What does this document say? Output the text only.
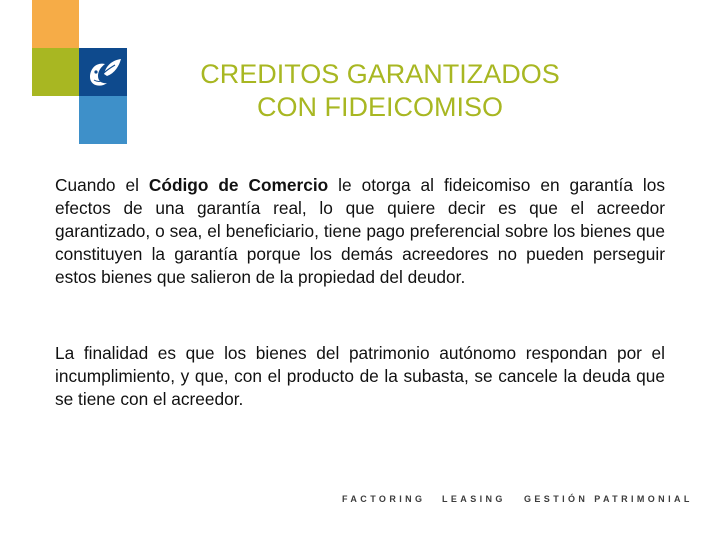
CREDITOS GARANTIZADOS
CON FIDEICOMISO
Cuando el Código de Comercio le otorga al fideicomiso en garantía los efectos de una garantía real, lo que quiere decir es que el acreedor garantizado, o sea, el beneficiario, tiene pago preferencial sobre los bienes que constituyen la garantía porque los demás acreedores no pueden perseguir estos bienes que salieron de la propiedad del deudor.
La finalidad es que los bienes del patrimonio autónomo respondan por el incumplimiento, y que, con el producto de la subasta, se cancele la deuda que se tiene con el acreedor.
FACTORING LEASING GESTIÓN PATRIMONIAL
